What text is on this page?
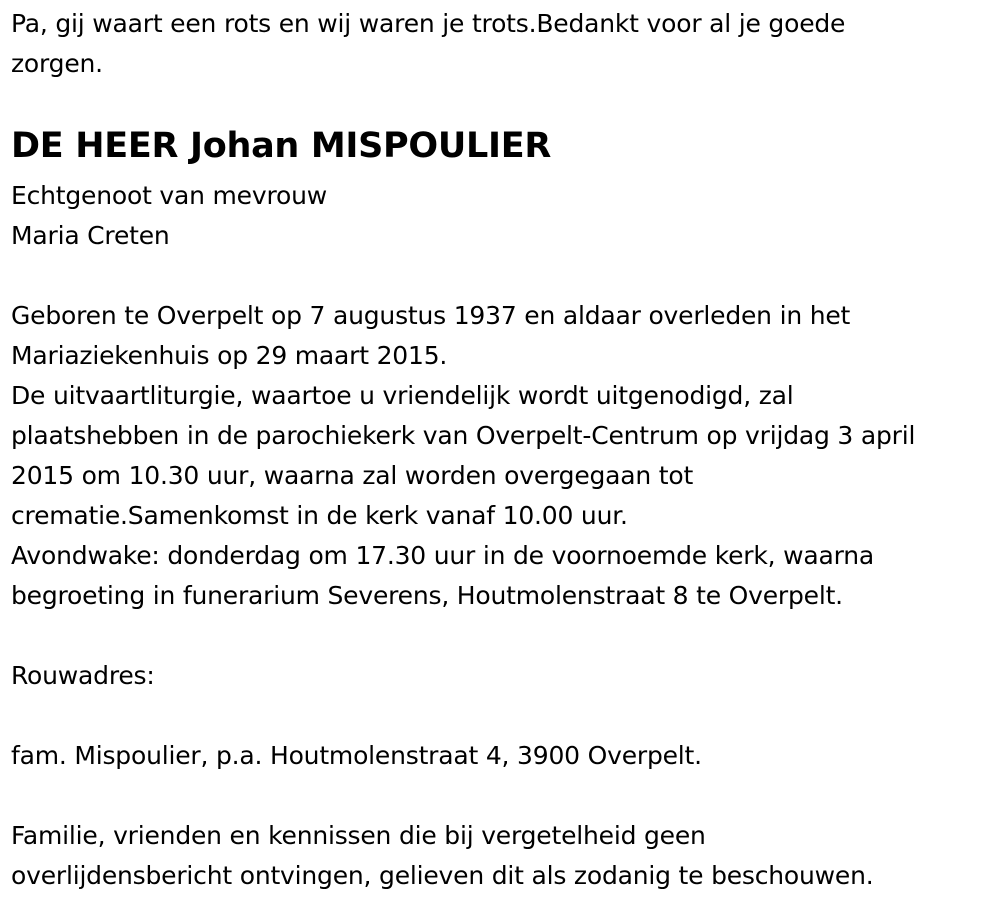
Pa, gij waart een rots en wij waren je trots.Bedankt voor al je goede
zorgen.
DE HEER Johan MISPOULIER
Echtgenoot van mevrouw
Maria Creten
Geboren te Overpelt op 7 augustus 1937 en aldaar overleden in het
Mariaziekenhuis op 29 maart 2015.
De uitvaartliturgie, waartoe u vriendelijk wordt uitgenodigd, zal
plaatshebben in de parochiekerk van Overpelt-Centrum op vrijdag 3 april
2015 om 10.30 uur, waarna zal worden overgegaan tot
crematie.Samenkomst in de kerk vanaf 10.00 uur.
Avondwake: donderdag om 17.30 uur in de voornoemde kerk, waarna
begroeting in funerarium Severens, Houtmolenstraat 8 te Overpelt.
Rouwadres:
fam. Mispoulier, p.a. Houtmolenstraat 4, 3900 Overpelt.
Familie, vrienden en kennissen die bij vergetelheid geen
overlijdensbericht ontvingen, gelieven dit als zodanig te beschouwen.
